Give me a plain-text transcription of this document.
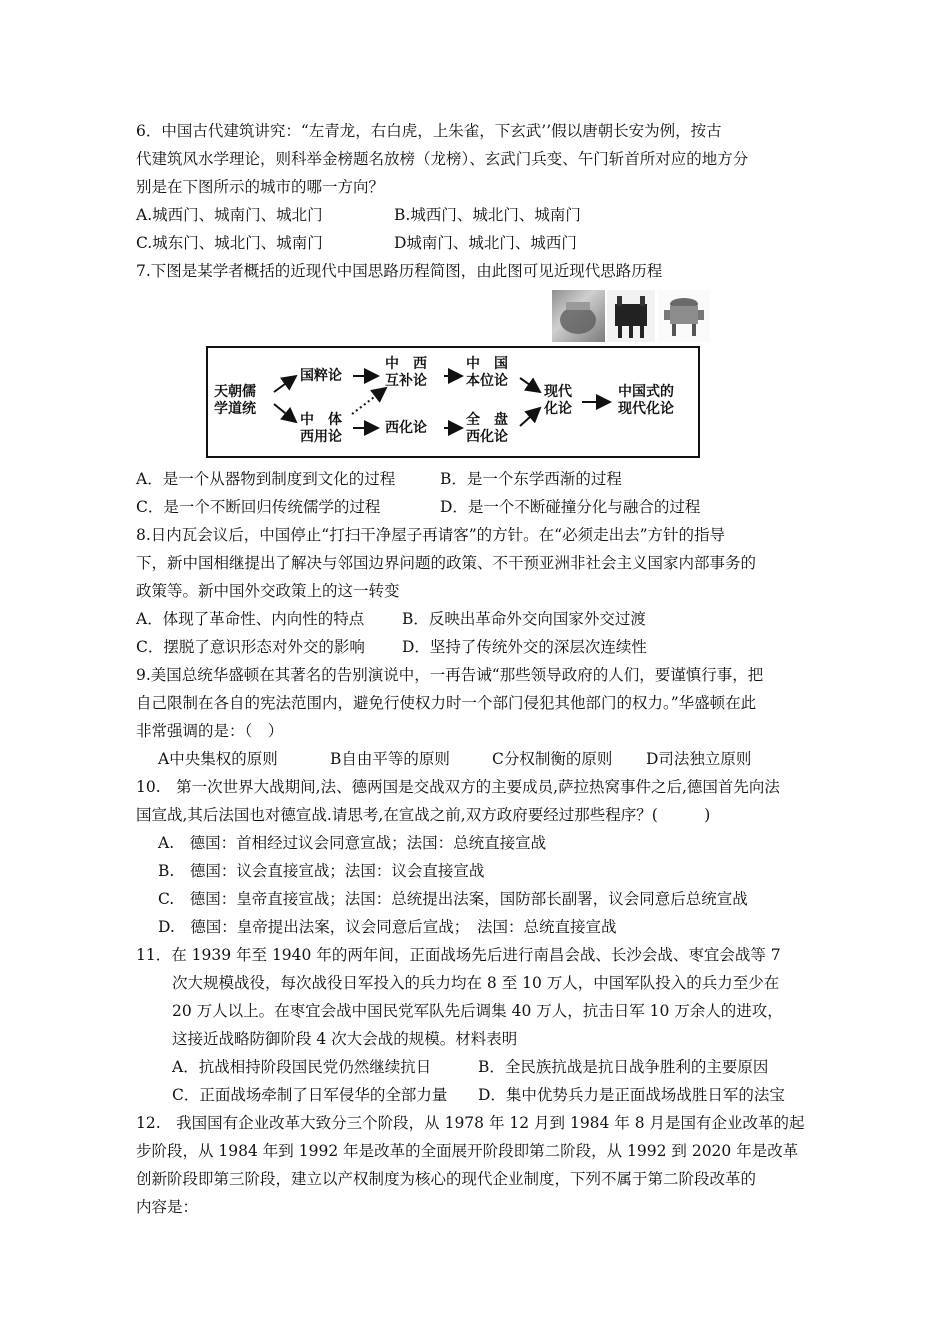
6．中国古代建筑讲究：“左青龙，右白虎，上朱雀，下玄武’’假以唐朝长安为例，按古
代建筑风水学理论，则科举金榜题名放榜（龙榜）、玄武门兵变、午门斩首所对应的地方分
别是在下图所示的城市的哪一方向？
A.城西门、城南门、城北门	B.城西门、城北门、城南门
C.城东门、城北门、城南门	D城南门、城北门、城西门
7.下图是某学者概括的近现代中国思路历程简图，由此图可见近现代思路历程
天朝儒
学道统
国粹论
中　体
西用论
中　西
互补论
西化论
中　国
本位论
全　盘
西化论
现代
化论
中国式的
现代化论
A．是一个从器物到制度到文化的过程	B．是一个东学西渐的过程
C．是一个不断回归传统儒学的过程	D．是一个不断碰撞分化与融合的过程
8.日内瓦会议后，中国停止“打扫干净屋子再请客”的方针。在“必须走出去”方针的指导
下，新中国相继提出了解决与邻国边界问题的政策、不干预亚洲非社会主义国家内部事务的
政策等。新中国外交政策上的这一转变
A．体现了革命性、内向性的特点 B．反映出革命外交向国家外交过渡
C．摆脱了意识形态对外交的影响 D．坚持了传统外交的深层次连续性
9.美国总统华盛顿在其著名的告别演说中，一再告诫“那些领导政府的人们，要谨慎行事，把
自己限制在各自的宪法范围内，避免行使权力时一个部门侵犯其他部门的权力。”华盛顿在此
非常强调的是：（　）
A中央集权的原则	B自由平等的原则	C分权制衡的原则 D司法独立原则
10.　第一次世界大战期间,法、德两国是交战双方的主要成员,萨拉热窝事件之后,德国首先向法
国宣战,其后法国也对德宣战.请思考,在宣战之前,双方政府要经过那些程序？(　　　)
A.　德国：首相经过议会同意宣战；法国：总统直接宣战
B.　德国：议会直接宣战；法国：议会直接宣战
C.　德国：皇帝直接宣战；法国：总统提出法案，国防部长副署，议会同意后总统宣战
D.　德国：皇帝提出法案，议会同意后宣战；　法国：总统直接宣战
11．在 1939 年至 1940 年的两年间，正面战场先后进行南昌会战、长沙会战、枣宜会战等 7
次大规模战役，每次战役日军投入的兵力均在 8 至 10 万人，中国军队投入的兵力至少在
20 万人以上。在枣宜会战中国民党军队先后调集 40 万人，抗击日军 10 万余人的进攻，
这接近战略防御阶段 4 次大会战的规模。材料表明
A．抗战相持阶段国民党仍然继续抗日	B．全民族抗战是抗日战争胜利的主要原因
C．正面战场牵制了日军侵华的全部力量 D．集中优势兵力是正面战场战胜日军的法宝
12.　我国国有企业改革大致分三个阶段，从 1978 年 12 月到 1984 年 8 月是国有企业改革的起
步阶段，从 1984 年到 1992 年是改革的全面展开阶段即第二阶段，从 1992 到 2020 年是改革
创新阶段即第三阶段，建立以产权制度为核心的现代企业制度，下列不属于第二阶段改革的
内容是：
